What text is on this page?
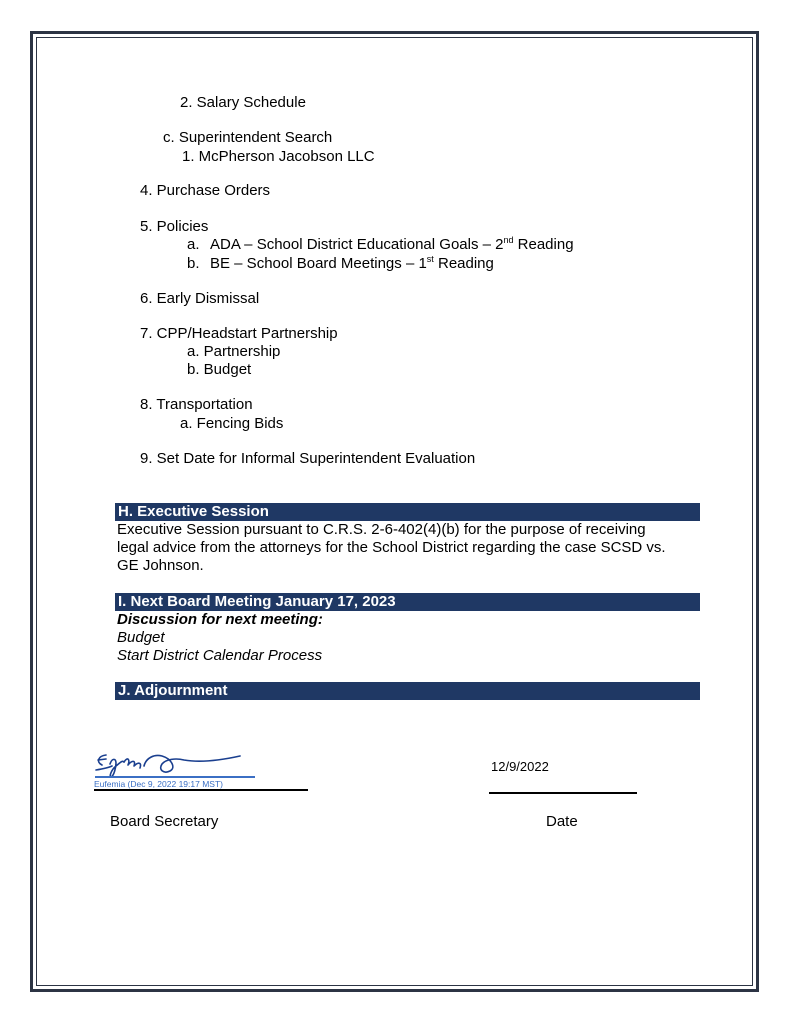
2. Salary Schedule
c. Superintendent Search
1. McPherson Jacobson LLC
4. Purchase Orders
5. Policies
a. ADA – School District Educational Goals – 2nd Reading
b. BE – School Board Meetings – 1st Reading
6. Early Dismissal
7. CPP/Headstart Partnership
a. Partnership
b. Budget
8. Transportation
a. Fencing Bids
9. Set Date for Informal Superintendent Evaluation
H. Executive Session
Executive Session pursuant to C.R.S. 2-6-402(4)(b) for the purpose of receiving
legal advice from the attorneys for the School District regarding the case SCSD vs.
GE Johnson.
I. Next Board Meeting January 17, 2023
Discussion for next meeting:
Budget
Start District Calendar Process
J. Adjournment
Eufemia (Dec 9, 2022 19:17 MST)
12/9/2022
Board Secretary	Date
